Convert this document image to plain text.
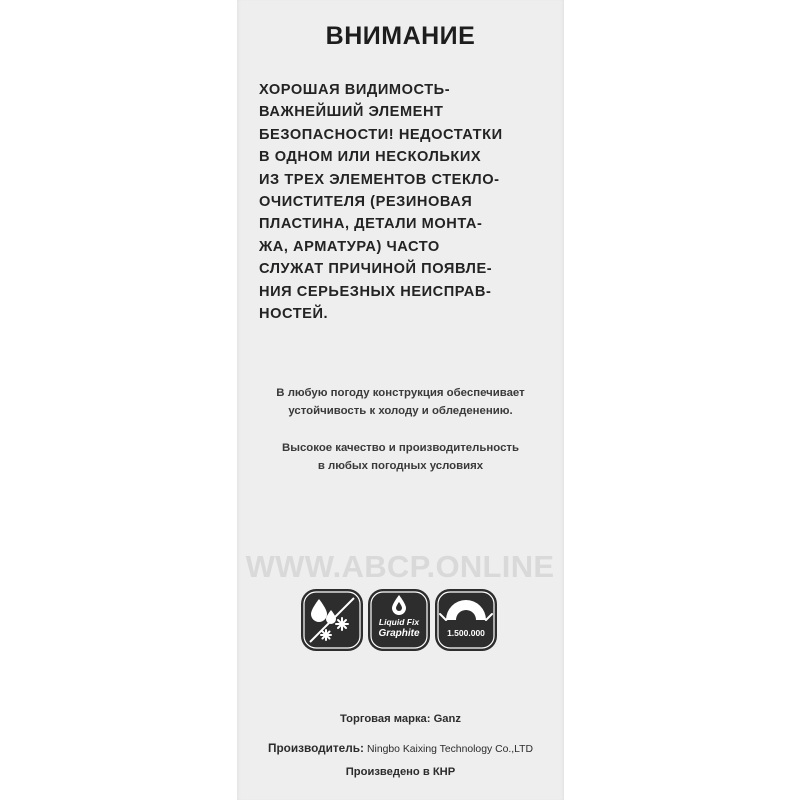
ВНИМАНИЕ
ХОРОШАЯ ВИДИМОСТЬ-
ВАЖНЕЙШИЙ ЭЛЕМЕНТ
БЕЗОПАСНОСТИ! НЕДОСТАТКИ
В ОДНОМ ИЛИ НЕСКОЛЬКИХ
ИЗ ТРЕХ ЭЛЕМЕНТОВ СТЕКЛО-
ОЧИСТИТЕЛЯ (РЕЗИНОВАЯ
ПЛАСТИНА, ДЕТАЛИ МОНТА-
ЖА, АРМАТУРА) ЧАСТО
СЛУЖАТ ПРИЧИНОЙ ПОЯВЛЕ-
НИЯ СЕРЬЕЗНЫХ НЕИСПРАВ-
НОСТЕЙ.
В любую погоду конструкция обеспечивает
устойчивость к холоду и обледенению.
Высокое качество и производительность
в любых погодных условиях
WWW.ABCP.ONLINE
Liquid Fix
Graphite	1.500.000
Торговая марка: Ganz
Производитель: Ningbo Kaixing Technology Co.,LTD
Произведено в КНР
